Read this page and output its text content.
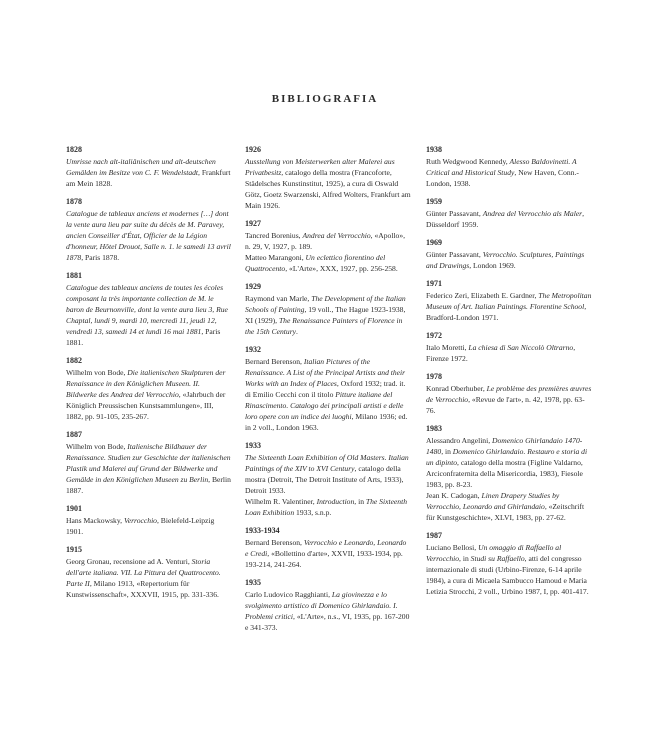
BIBLIOGRAFIA
1828

Umrisse nach alt-italiänischen und alt-deutschen Gemälden im Besitze von C. F. Wendelstadt, Frankfurt am Mein 1828.

1878

Catalogue de tableaux anciens et modernes […] dont la vente aura lieu par suite du décès de M. Paravey, ancien Conseiller d'État, Officier de la Légion d'honneur, Hôtel Drouot, Salle n. 1. le samedi 13 avril 1878, Paris 1878.

1881

Catalogue des tableaux anciens de toutes les écoles composant la très importante collection de M. le baron de Beurnonville, dont la vente aura lieu 3, Rue Chaptal, lundi 9, mardi 10, mercredi 11, jeudi 12, vendredi 13, samedi 14 et lundi 16 mai 1881, Paris 1881.

1882

Wilhelm von Bode, Die italienischen Skulpturen der Renaissance in den Königlichen Museen. II. Bildwerke des Andrea del Verrocchio, «Jahrbuch der Königlich Preussischen Kunstsammlungen», III, 1882, pp. 91-105, 235-267.

1887

Wilhelm von Bode, Italienische Bildhauer der Renaissance. Studien zur Geschichte der italienischen Plastik und Malerei auf Grund der Bildwerke und Gemälde in den Königlichen Museen zu Berlin, Berlin 1887.

1901

Hans Mackowsky, Verrocchio, Bielefeld-Leipzig 1901.

1915

Georg Gronau, recensione ad A. Venturi, Storia dell'arte italiana. VII. La Pittura del Quattrocento. Parte II, Milano 1913, «Repertorium für Kunstwissenschaft», XXXVII, 1915, pp. 331-336.

1926

Ausstellung von Meisterwerken alter Malerei aus Privatbesitz, catalogo della mostra (Francoforte, Städelsches Kunstinstitut, 1925), a cura di Oswald Götz, Goetz Swarzenski, Alfred Wolters, Frankfurt am Main 1926.

1927

Tancred Borenius, Andrea del Verrocchio, «Apollo», n. 29, V, 1927, p. 189.

Matteo Marangoni, Un eclettico fiorentino del Quattrocento, «L'Arte», XXX, 1927, pp. 256-258.

1929

Raymond van Marle, The Development of the Italian Schools of Painting, 19 voll., The Hague 1923-1938, XI (1929), The Renaissance Painters of Florence in the 15th Century.

1932

Bernard Berenson, Italian Pictures of the Renaissance. A List of the Principal Artists and their Works with an Index of Places, Oxford 1932; trad. it. di Emilio Cecchi con il titolo Pitture italiane del Rinascimento. Catalogo dei principali artisti e delle loro opere con un indice dei luoghi, Milano 1936; ed. in 2 voll., London 1963.

1933

The Sixteenth Loan Exhibition of Old Masters. Italian Paintings of the XIV to XVI Century, catalogo della mostra (Detroit, The Detroit Institute of Arts, 1933), Detroit 1933.

Wilhelm R. Valentiner, Introduction, in The Sixteenth Loan Exhibition 1933, s.n.p.

1933-1934

Bernard Berenson, Verrocchio e Leonardo, Leonardo e Credi, «Bollettino d'arte», XXVII, 1933-1934, pp. 193-214, 241-264.

1935

Carlo Ludovico Ragghianti, La giovinezza e lo svolgimento artistico di Domenico Ghirlandaio. I. Problemi critici, «L'Arte», n.s., VI, 1935, pp. 167-200 e 341-373.

1938

Ruth Wedgwood Kennedy, Alesso Baldovinetti. A Critical and Historical Study, New Haven, Conn.-London, 1938.

1959

Günter Passavant, Andrea del Verrocchio als Maler, Düsseldorf 1959.

1969

Günter Passavant, Verrocchio. Sculptures, Paintings and Drawings, London 1969.

1971

Federico Zeri, Elizabeth E. Gardner, The Metropolitan Museum of Art. Italian Paintings. Florentine School, Bradford-London 1971.

1972

Italo Moretti, La chiesa di San Niccolò Oltrarno, Firenze 1972.

1978

Konrad Oberhuber, Le problème des premières œuvres de Verrocchio, «Revue de l'art», n. 42, 1978, pp. 63-76.

1983

Alessandro Angelini, Domenico Ghirlandaio 1470-1480, in Domenico Ghirlandaio. Restauro e storia di un dipinto, catalogo della mostra (Figline Valdarno, Arciconfraternita della Misericordia, 1983), Fiesole 1983, pp. 8-23.

Jean K. Cadogan, Linen Drapery Studies by Verrocchio, Leonardo and Ghirlandaio, «Zeitschrift für Kunstgeschichte», XLVI, 1983, pp. 27-62.

1987

Luciano Bellosi, Un omaggio di Raffaello al Verrocchio, in Studi su Raffaello, atti del congresso internazionale di studi (Urbino-Firenze, 6-14 aprile 1984), a cura di Micaela Sambucco Hamoud e Maria Letizia Strocchi, 2 voll., Urbino 1987, I, pp. 401-417.
